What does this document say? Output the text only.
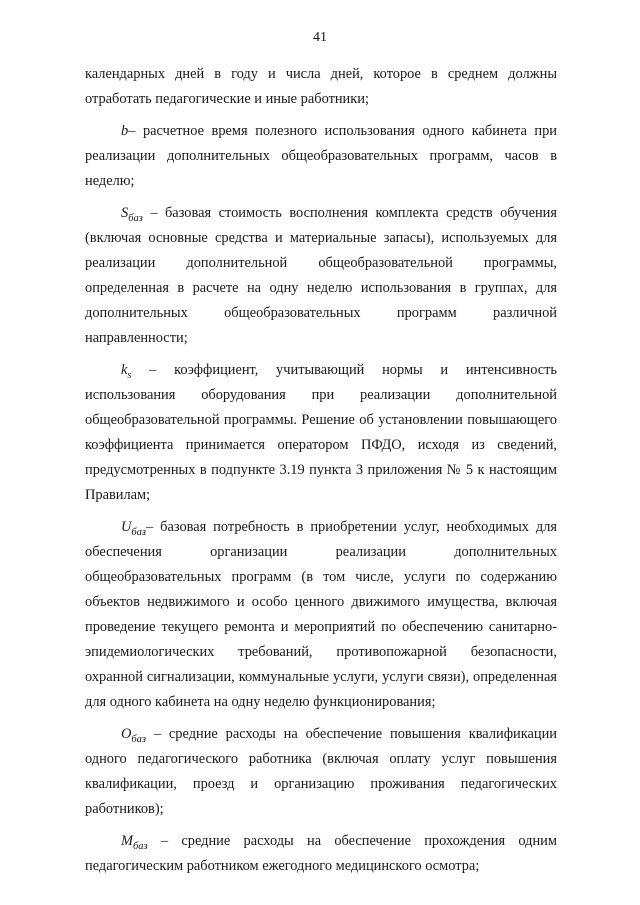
41

календарных дней в году и числа дней, которое в среднем должны отработать педагогические и иные работники;

b– расчетное время полезного использования одного кабинета при реализации дополнительных общеобразовательных программ, часов в неделю;

$S_{баз}$ – базовая стоимость восполнения комплекта средств обучения (включая основные средства и материальные запасы), используемых для реализации дополнительной общеобразовательной программы, определенная в расчете на одну неделю использования в группах, для дополнительных общеобразовательных программ различной направленности;

$k_s$ – коэффициент, учитывающий нормы и интенсивность использования оборудования при реализации дополнительной общеобразовательной программы. Решение об установлении повышающего коэффициента принимается оператором ПФДО, исходя из сведений, предусмотренных в подпункте 3.19 пункта 3 приложения № 5 к настоящим Правилам;

$U_{баз}-$ базовая потребность в приобретении услуг, необходимых для обеспечения организации реализации дополнительных общеобразовательных программ (в том числе, услуги по содержанию объектов недвижимого и особо ценного движимого имущества, включая проведение текущего ремонта и мероприятий по обеспечению санитарно-эпидемиологических требований, противопожарной безопасности, охранной сигнализации, коммунальные услуги, услуги связи), определенная для одного кабинета на одну неделю функционирования;

$O_{баз}$ – средние расходы на обеспечение повышения квалификации одного педагогического работника (включая оплату услуг повышения квалификации, проезд и организацию проживания педагогических работников);

$M_{баз}$ – средние расходы на обеспечение прохождения одним педагогическим работником ежегодного медицинского осмотра;
